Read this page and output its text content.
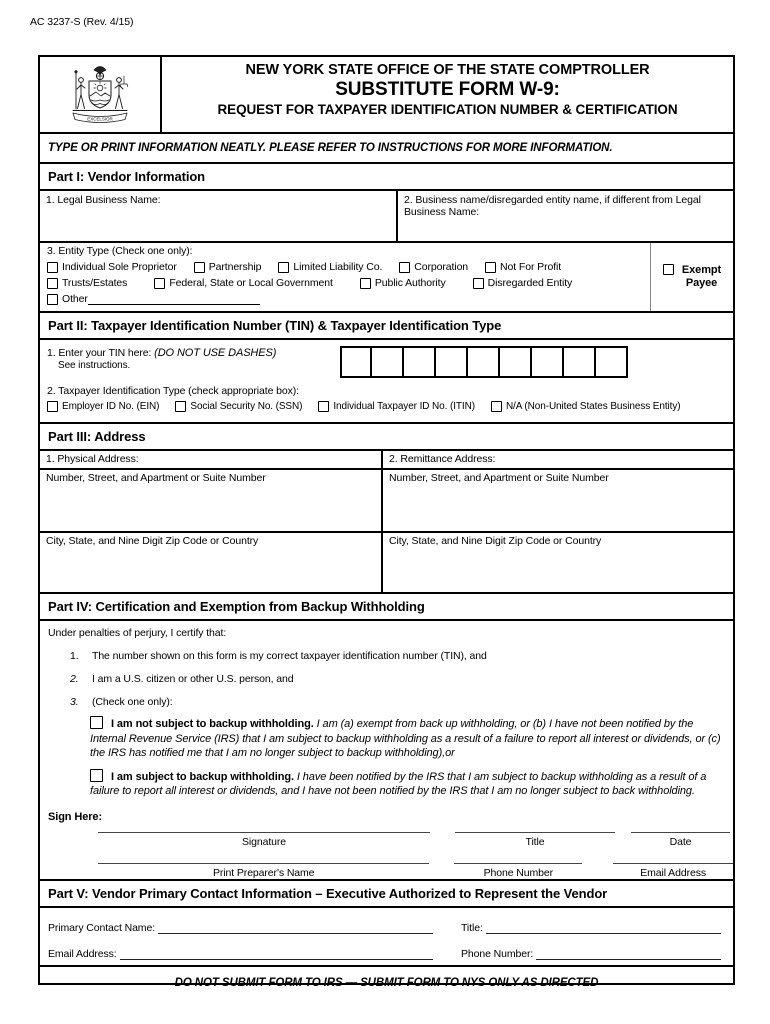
AC 3237-S (Rev. 4/15)
EXCELSIOR
NEW YORK STATE OFFICE OF THE STATE COMPTROLLER
SUBSTITUTE FORM W-9:
REQUEST FOR TAXPAYER IDENTIFICATION NUMBER & CERTIFICATION
TYPE OR PRINT INFORMATION NEATLY. PLEASE REFER TO INSTRUCTIONS FOR MORE INFORMATION.
Part I: Vendor Information
1. Legal Business Name:	2. Business name/disregarded entity name, if different from Legal Business Name:
3. Entity Type (Check one only):
Individual Sole Proprietor	Partnership	Limited Liability Co.	Corporation	Not For Profit
Trusts/Estates	Federal, State or Local Government	Public Authority	Disregarded Entity
Other
Exempt
Payee
Part II: Taxpayer Identification Number (TIN) & Taxpayer Identification Type
1. Enter your TIN here: (DO NOT USE DASHES)
See instructions.
2. Taxpayer Identification Type (check appropriate box):
Employer ID No. (EIN)	Social Security No. (SSN)	Individual Taxpayer ID No. (ITIN)	N/A (Non-United States Business Entity)
Part III: Address
1. Physical Address:	2. Remittance Address:
Number, Street, and Apartment or Suite Number	Number, Street, and Apartment or Suite Number
City, State, and Nine Digit Zip Code or Country	City, State, and Nine Digit Zip Code or Country
Part IV: Certification and Exemption from Backup Withholding
Under penalties of perjury, I certify that:
1.	The number shown on this form is my correct taxpayer identification number (TIN), and
2.	I am a U.S. citizen or other U.S. person, and
3.	(Check one only):
I am not subject to backup withholding. I am (a) exempt from back up withholding, or (b) I have not been notified by the Internal Revenue Service (IRS) that I am subject to backup withholding as a result of a failure to report all interest or dividends, or (c) the IRS has notified me that I am no longer subject to backup withholding),or
I am subject to backup withholding. I have been notified by the IRS that I am subject to backup withholding as a result of a failure to report all interest or dividends, and I have not been notified by the IRS that I am no longer subject to back withholding.
Sign Here:
Signature	Title	Date
Print Preparer's Name	Phone Number	Email Address
Part V: Vendor Primary Contact Information – Executive Authorized to Represent the Vendor
Primary Contact Name:	Title:
Email Address:	Phone Number:
DO NOT SUBMIT FORM TO IRS — SUBMIT FORM TO NYS ONLY AS DIRECTED
